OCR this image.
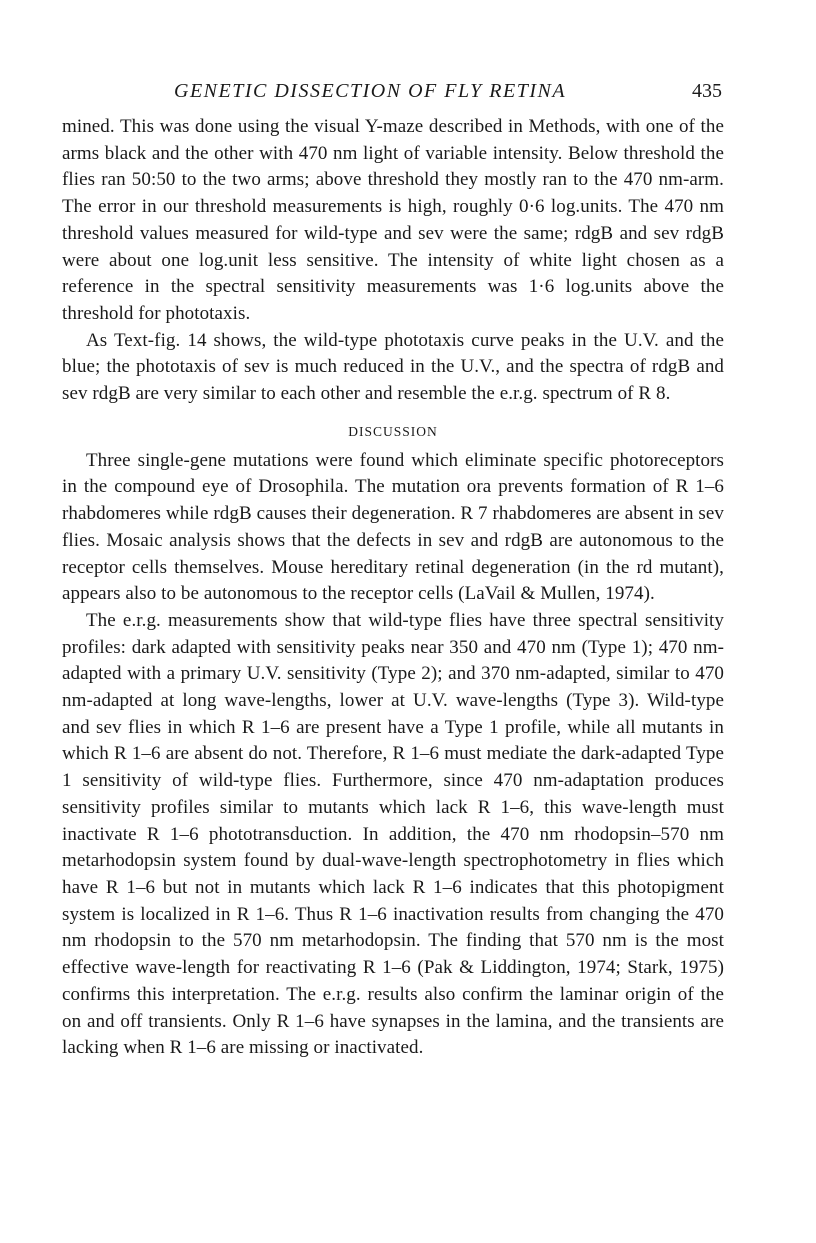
GENETIC DISSECTION OF FLY RETINA	435

mined. This was done using the visual Y-maze described in Methods, with one of the arms black and the other with 470 nm light of variable intensity. Below threshold the flies ran 50:50 to the two arms; above threshold they mostly ran to the 470 nm-arm. The error in our threshold measurements is high, roughly 0·6 log.units. The 470 nm threshold values measured for wild-type and sev were the same; rdgB and sev rdgB were about one log.unit less sensitive. The intensity of white light chosen as a reference in the spectral sensitivity measurements was 1·6 log.units above the threshold for phototaxis.

As Text-fig. 14 shows, the wild-type phototaxis curve peaks in the U.V. and the blue; the phototaxis of sev is much reduced in the U.V., and the spectra of rdgB and sev rdgB are very similar to each other and resemble the e.r.g. spectrum of R 8.

DISCUSSION

Three single-gene mutations were found which eliminate specific photoreceptors in the compound eye of Drosophila. The mutation ora prevents formation of R 1–6 rhabdomeres while rdgB causes their degeneration. R 7 rhabdomeres are absent in sev flies. Mosaic analysis shows that the defects in sev and rdgB are autonomous to the receptor cells themselves. Mouse hereditary retinal degeneration (in the rd mutant), appears also to be autonomous to the receptor cells (LaVail & Mullen, 1974).

The e.r.g. measurements show that wild-type flies have three spectral sensitivity profiles: dark adapted with sensitivity peaks near 350 and 470 nm (Type 1); 470 nm-adapted with a primary U.V. sensitivity (Type 2); and 370 nm-adapted, similar to 470 nm-adapted at long wave-lengths, lower at U.V. wave-lengths (Type 3). Wild-type and sev flies in which R 1–6 are present have a Type 1 profile, while all mutants in which R 1–6 are absent do not. Therefore, R 1–6 must mediate the dark-adapted Type 1 sensitivity of wild-type flies. Furthermore, since 470 nm-adaptation produces sensitivity profiles similar to mutants which lack R 1–6, this wave-length must inactivate R 1–6 phototransduction. In addition, the 470 nm rhodopsin–570 nm metarhodopsin system found by dual-wave-length spectrophotometry in flies which have R 1–6 but not in mutants which lack R 1–6 indicates that this photopigment system is localized in R 1–6. Thus R 1–6 inactivation results from changing the 470 nm rhodopsin to the 570 nm metarhodopsin. The finding that 570 nm is the most effective wave-length for reactivating R 1–6 (Pak & Liddington, 1974; Stark, 1975) confirms this interpretation. The e.r.g. results also confirm the laminar origin of the on and off transients. Only R 1–6 have synapses in the lamina, and the transients are lacking when R 1–6 are missing or inactivated.
